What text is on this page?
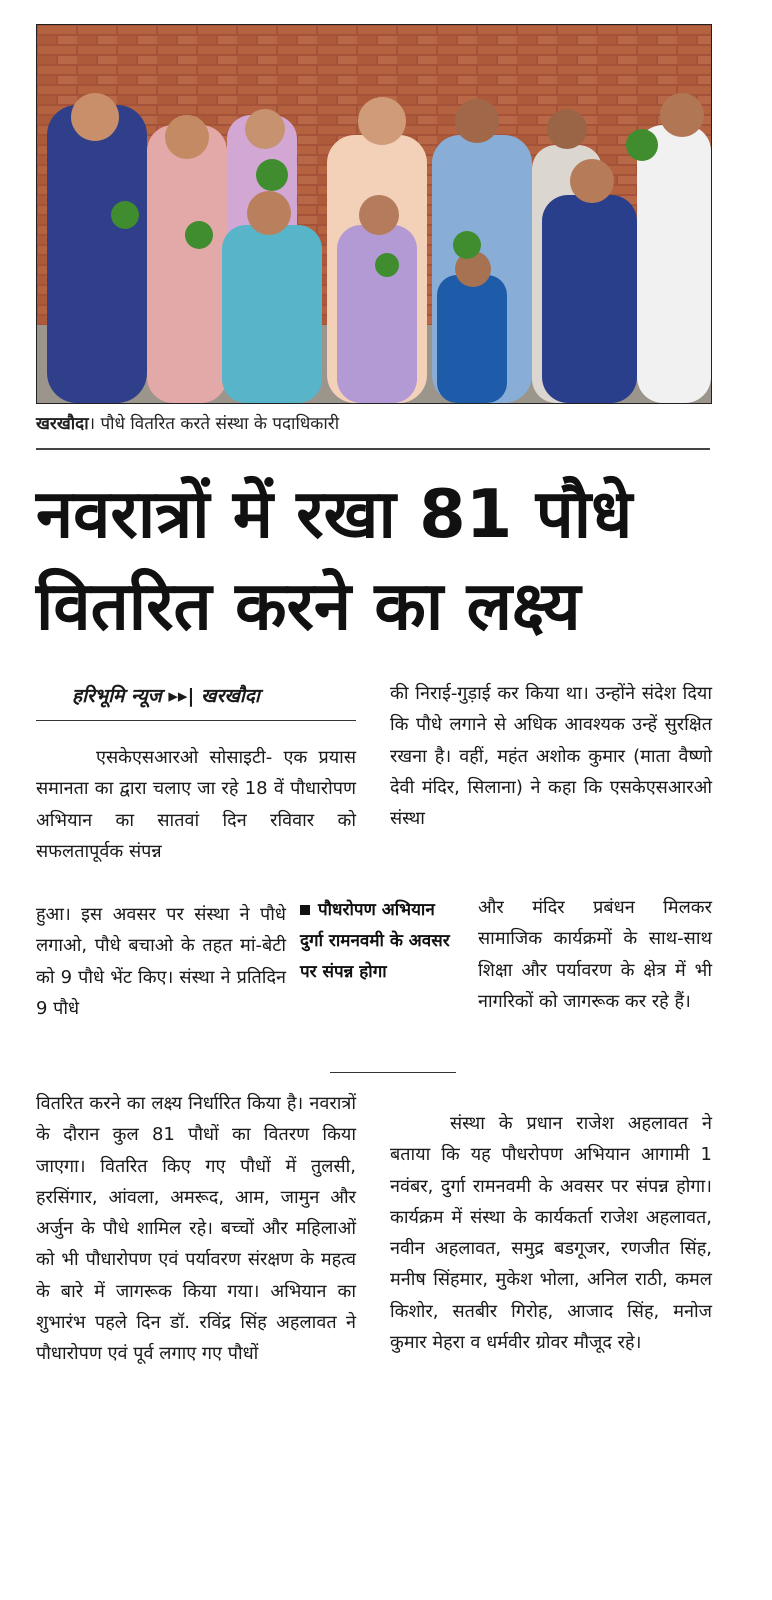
खरखौदा। पौधे वितरित करते संस्था के पदाधिकारी
नवरात्रों में रखा 81 पौधे
वितरित करने का लक्ष्य
हरिभूमि न्यूज ▸▸| खरखौदा

एसकेएसआरओ सोसाइटी- एक प्रयास समानता का द्वारा चलाए जा रहे 18 वें पौधारोपण अभियान का सातवां दिन रविवार को सफलतापूर्वक संपन्न

हुआ। इस अवसर पर संस्था ने पौधे लगाओ, पौधे बचाओ के तहत मां-बेटी को 9 पौधे भेंट किए। संस्था ने प्रतिदिन 9 पौधे

वितरित करने का लक्ष्य निर्धारित किया है। नवरात्रों के दौरान कुल 81 पौधों का वितरण किया जाएगा। वितरित किए गए पौधों में तुलसी, हरसिंगार, आंवला, अमरूद, आम, जामुन और अर्जुन के पौधे शामिल रहे। बच्चों और महिलाओं को भी पौधारोपण एवं पर्यावरण संरक्षण के महत्व के बारे में जागरूक किया गया। अभियान का शुभारंभ पहले दिन डॉ. रविंद्र सिंह अहलावत ने पौधारोपण एवं पूर्व लगाए गए पौधों

पौधरोपण अभियान दुर्गा रामनवमी के अवसर पर संपन्न होगा

की निराई-गुड़ाई कर किया था। उन्होंने संदेश दिया कि पौधे लगाने से अधिक आवश्यक उन्हें सुरक्षित रखना है। वहीं, महंत अशोक कुमार (माता वैष्णो देवी मंदिर, सिलाना) ने कहा कि एसकेएसआरओ संस्था

और मंदिर प्रबंधन मिलकर सामाजिक कार्यक्रमों के साथ-साथ शिक्षा और पर्यावरण के क्षेत्र में भी नागरिकों को जागरूक कर रहे हैं।

संस्था के प्रधान राजेश अहलावत ने बताया कि यह पौधरोपण अभियान आगामी 1 नवंबर, दुर्गा रामनवमी के अवसर पर संपन्न होगा। कार्यक्रम में संस्था के कार्यकर्ता राजेश अहलावत, नवीन अहलावत, समुद्र बडगूजर, रणजीत सिंह, मनीष सिंहमार, मुकेश भोला, अनिल राठी, कमल किशोर, सतबीर गिरोह, आजाद सिंह, मनोज कुमार मेहरा व धर्मवीर ग्रोवर मौजूद रहे।
